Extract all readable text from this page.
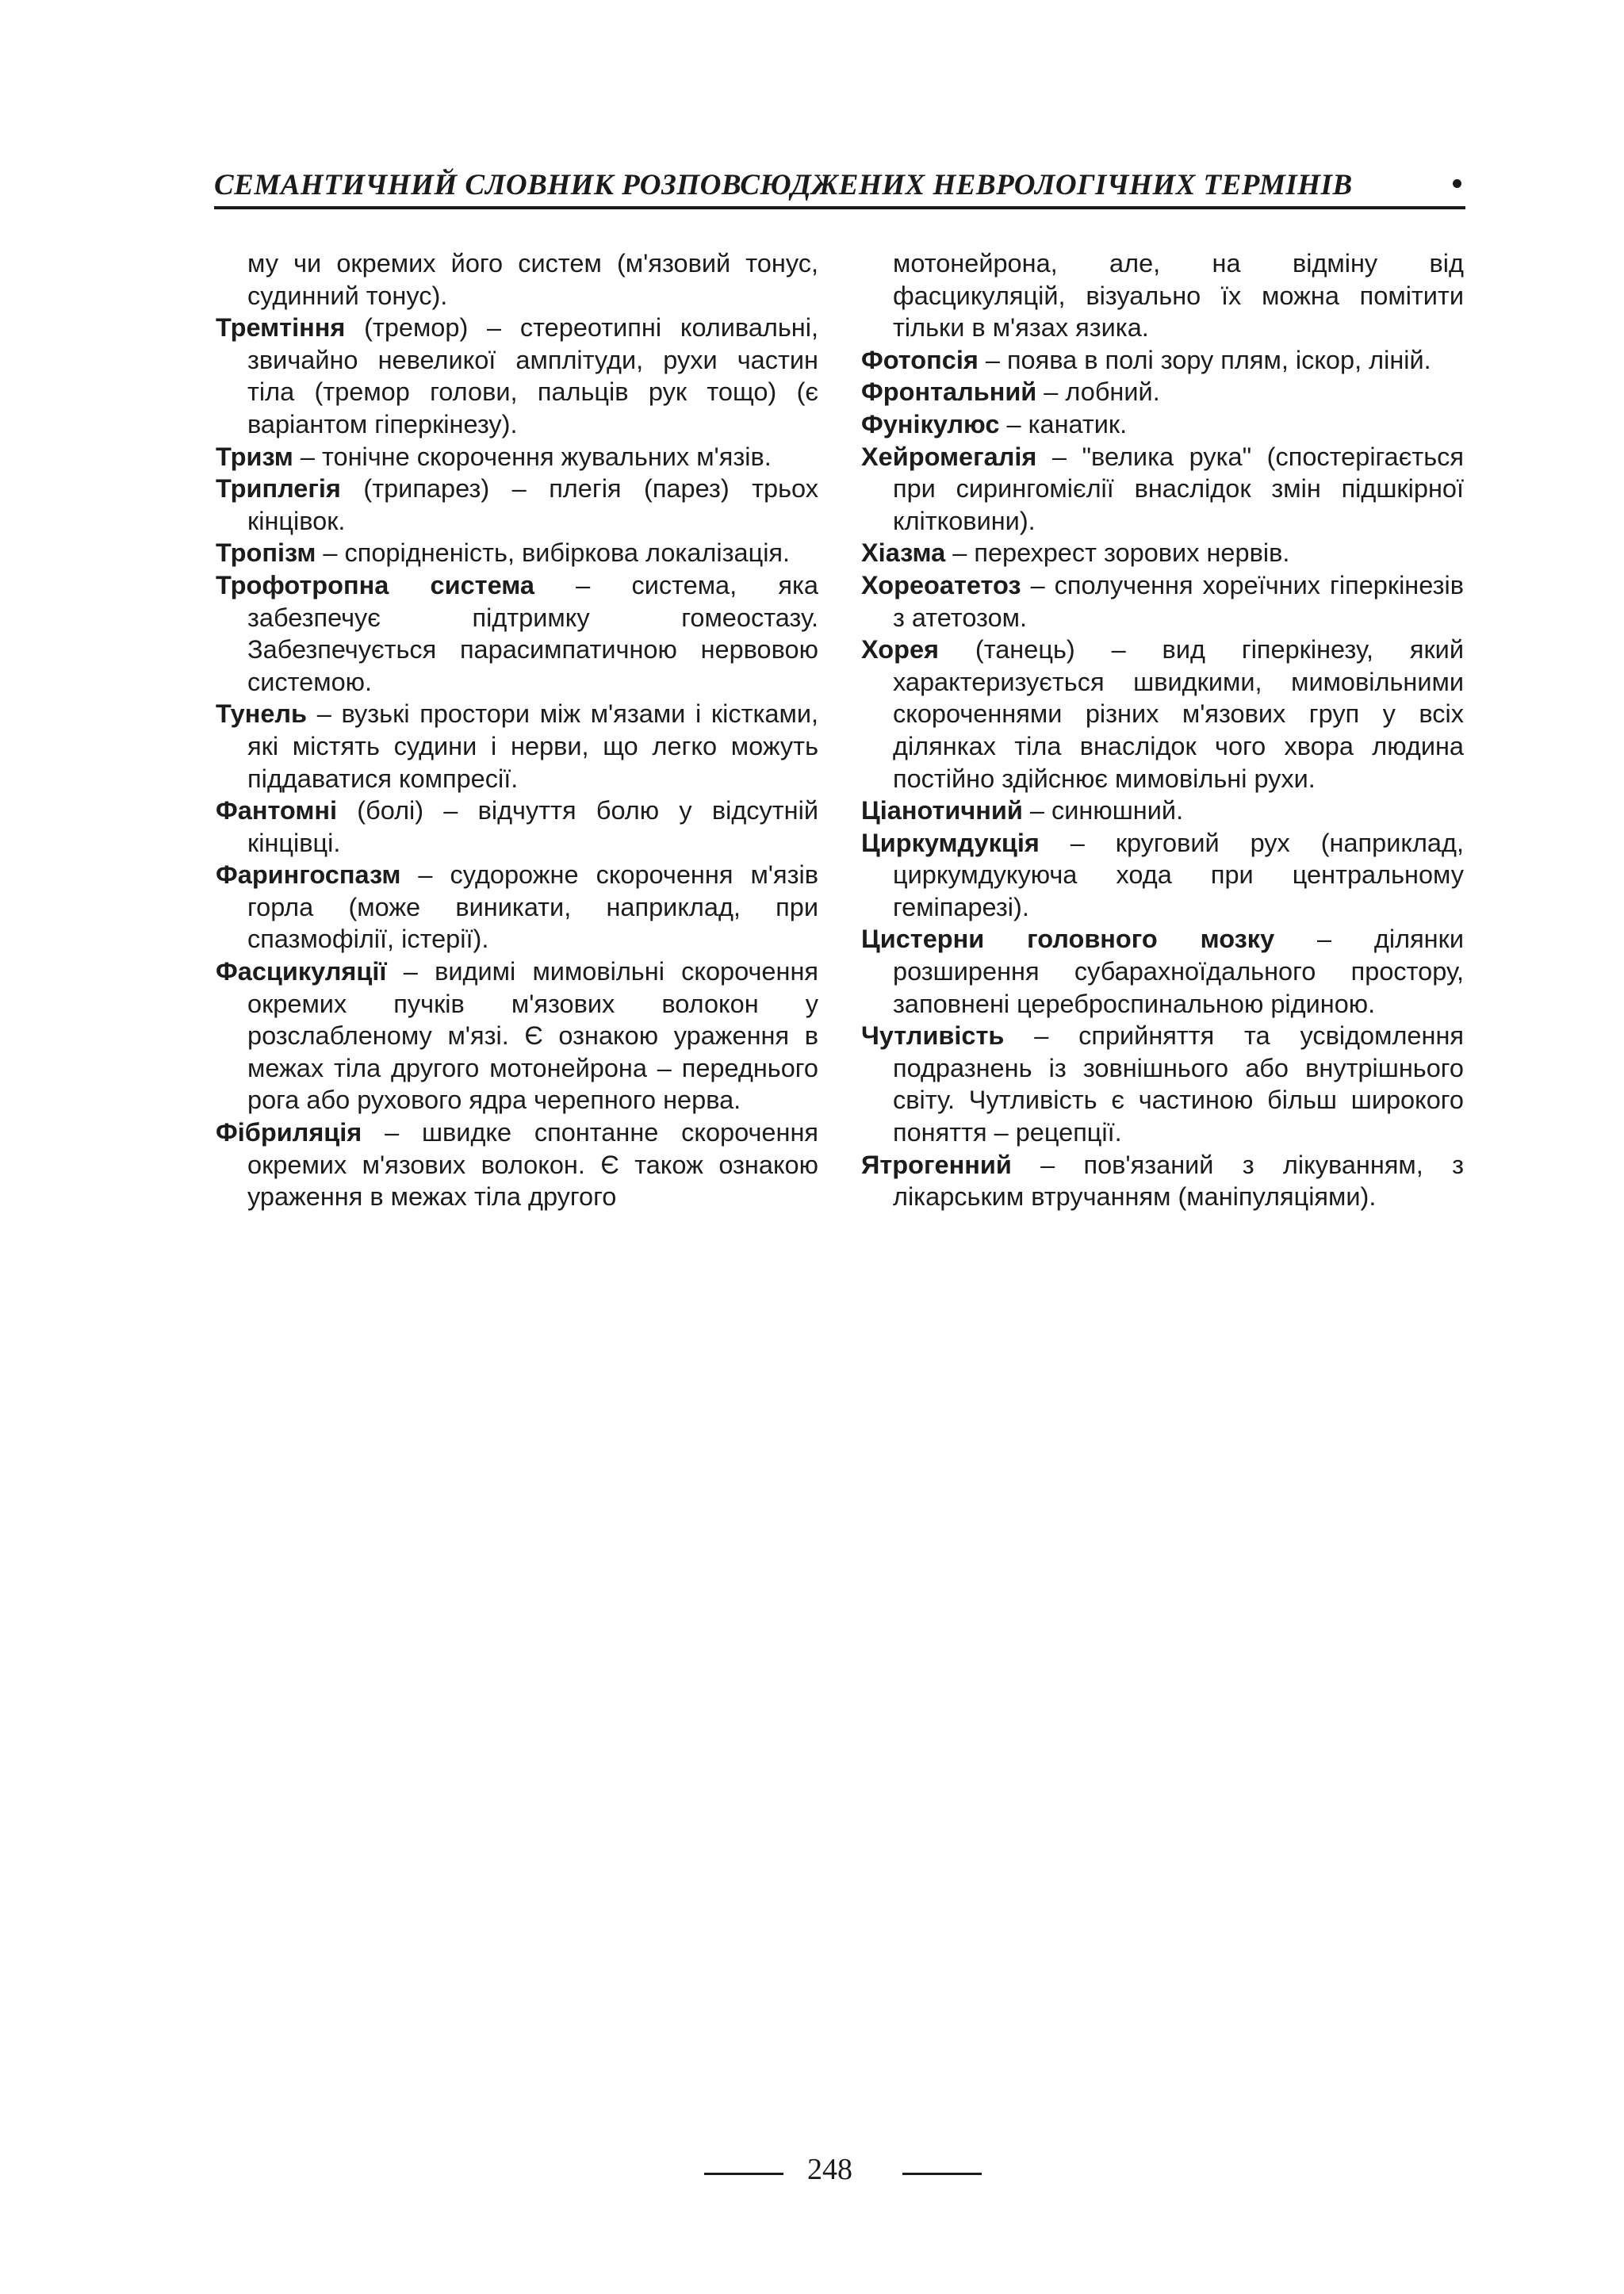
СЕМАНТИЧНИЙ СЛОВНИК РОЗПОВСЮДЖЕНИХ НЕВРОЛОГІЧНИХ ТЕРМІНІВ

му чи окремих його систем (м'язовий тонус, судинний тонус).

Тремтіння (тремор) – стереотипні коливальні, звичайно невеликої амплітуди, рухи частин тіла (тремор голови, пальців рук тощо) (є варіантом гіперкінезу).

Тризм – тонічне скорочення жувальних м'язів.

Триплегія (трипарез) – плегія (парез) трьох кінцівок.

Тропізм – спорідненість, вибіркова локалізація.

Трофотропна система – система, яка забезпечує підтримку гомеостазу. Забезпечується парасимпатичною нервовою системою.

Тунель – вузькі простори між м'язами і кістками, які містять судини і нерви, що легко можуть піддаватися компресії.

Фантомні (болі) – відчуття болю у відсутній кінцівці.

Фарингоспазм – судорожне скорочення м'язів горла (може виникати, наприклад, при спазмофілії, істерії).

Фасцикуляції – видимі мимовільні скорочення окремих пучків м'язових волокон у розслабленому м'язі. Є ознакою ураження в межах тіла другого мотонейрона – переднього рога або рухового ядра черепного нерва.

Фібриляція – швидке спонтанне скорочення окремих м'язових волокон. Є також ознакою ураження в межах тіла другого

мотонейрона, але, на відміну від фасцикуляцій, візуально їх можна помітити тільки в м'язах язика.

Фотопсія – поява в полі зору плям, іскор, ліній.

Фронтальний – лобний.

Фунікулюс – канатик.

Хейромегалія – "велика рука" (спостерігається при сирингомієлії внаслідок змін підшкірної клітковини).

Хіазма – перехрест зорових нервів.

Хореоатетоз – сполучення хореїчних гіперкінезів з атетозом.

Хорея (танець) – вид гіперкінезу, який характеризується швидкими, мимовільними скороченнями різних м'язових груп у всіх ділянках тіла внаслідок чого хвора людина постійно здійснює мимовільні рухи.

Ціанотичний – синюшний.

Циркумдукція – круговий рух (наприклад, циркумдукуюча хода при центральному геміпарезі).

Цистерни головного мозку – ділянки розширення субарахноїдального простору, заповнені цереброспинальною рідиною.

Чутливість – сприйняття та усвідомлення подразнень із зовнішнього або внутрішнього світу. Чутливість є частиною більш широкого поняття – рецепції.

Ятрогенний – пов'язаний з лікуванням, з лікарським втручанням (маніпуляціями).

248
